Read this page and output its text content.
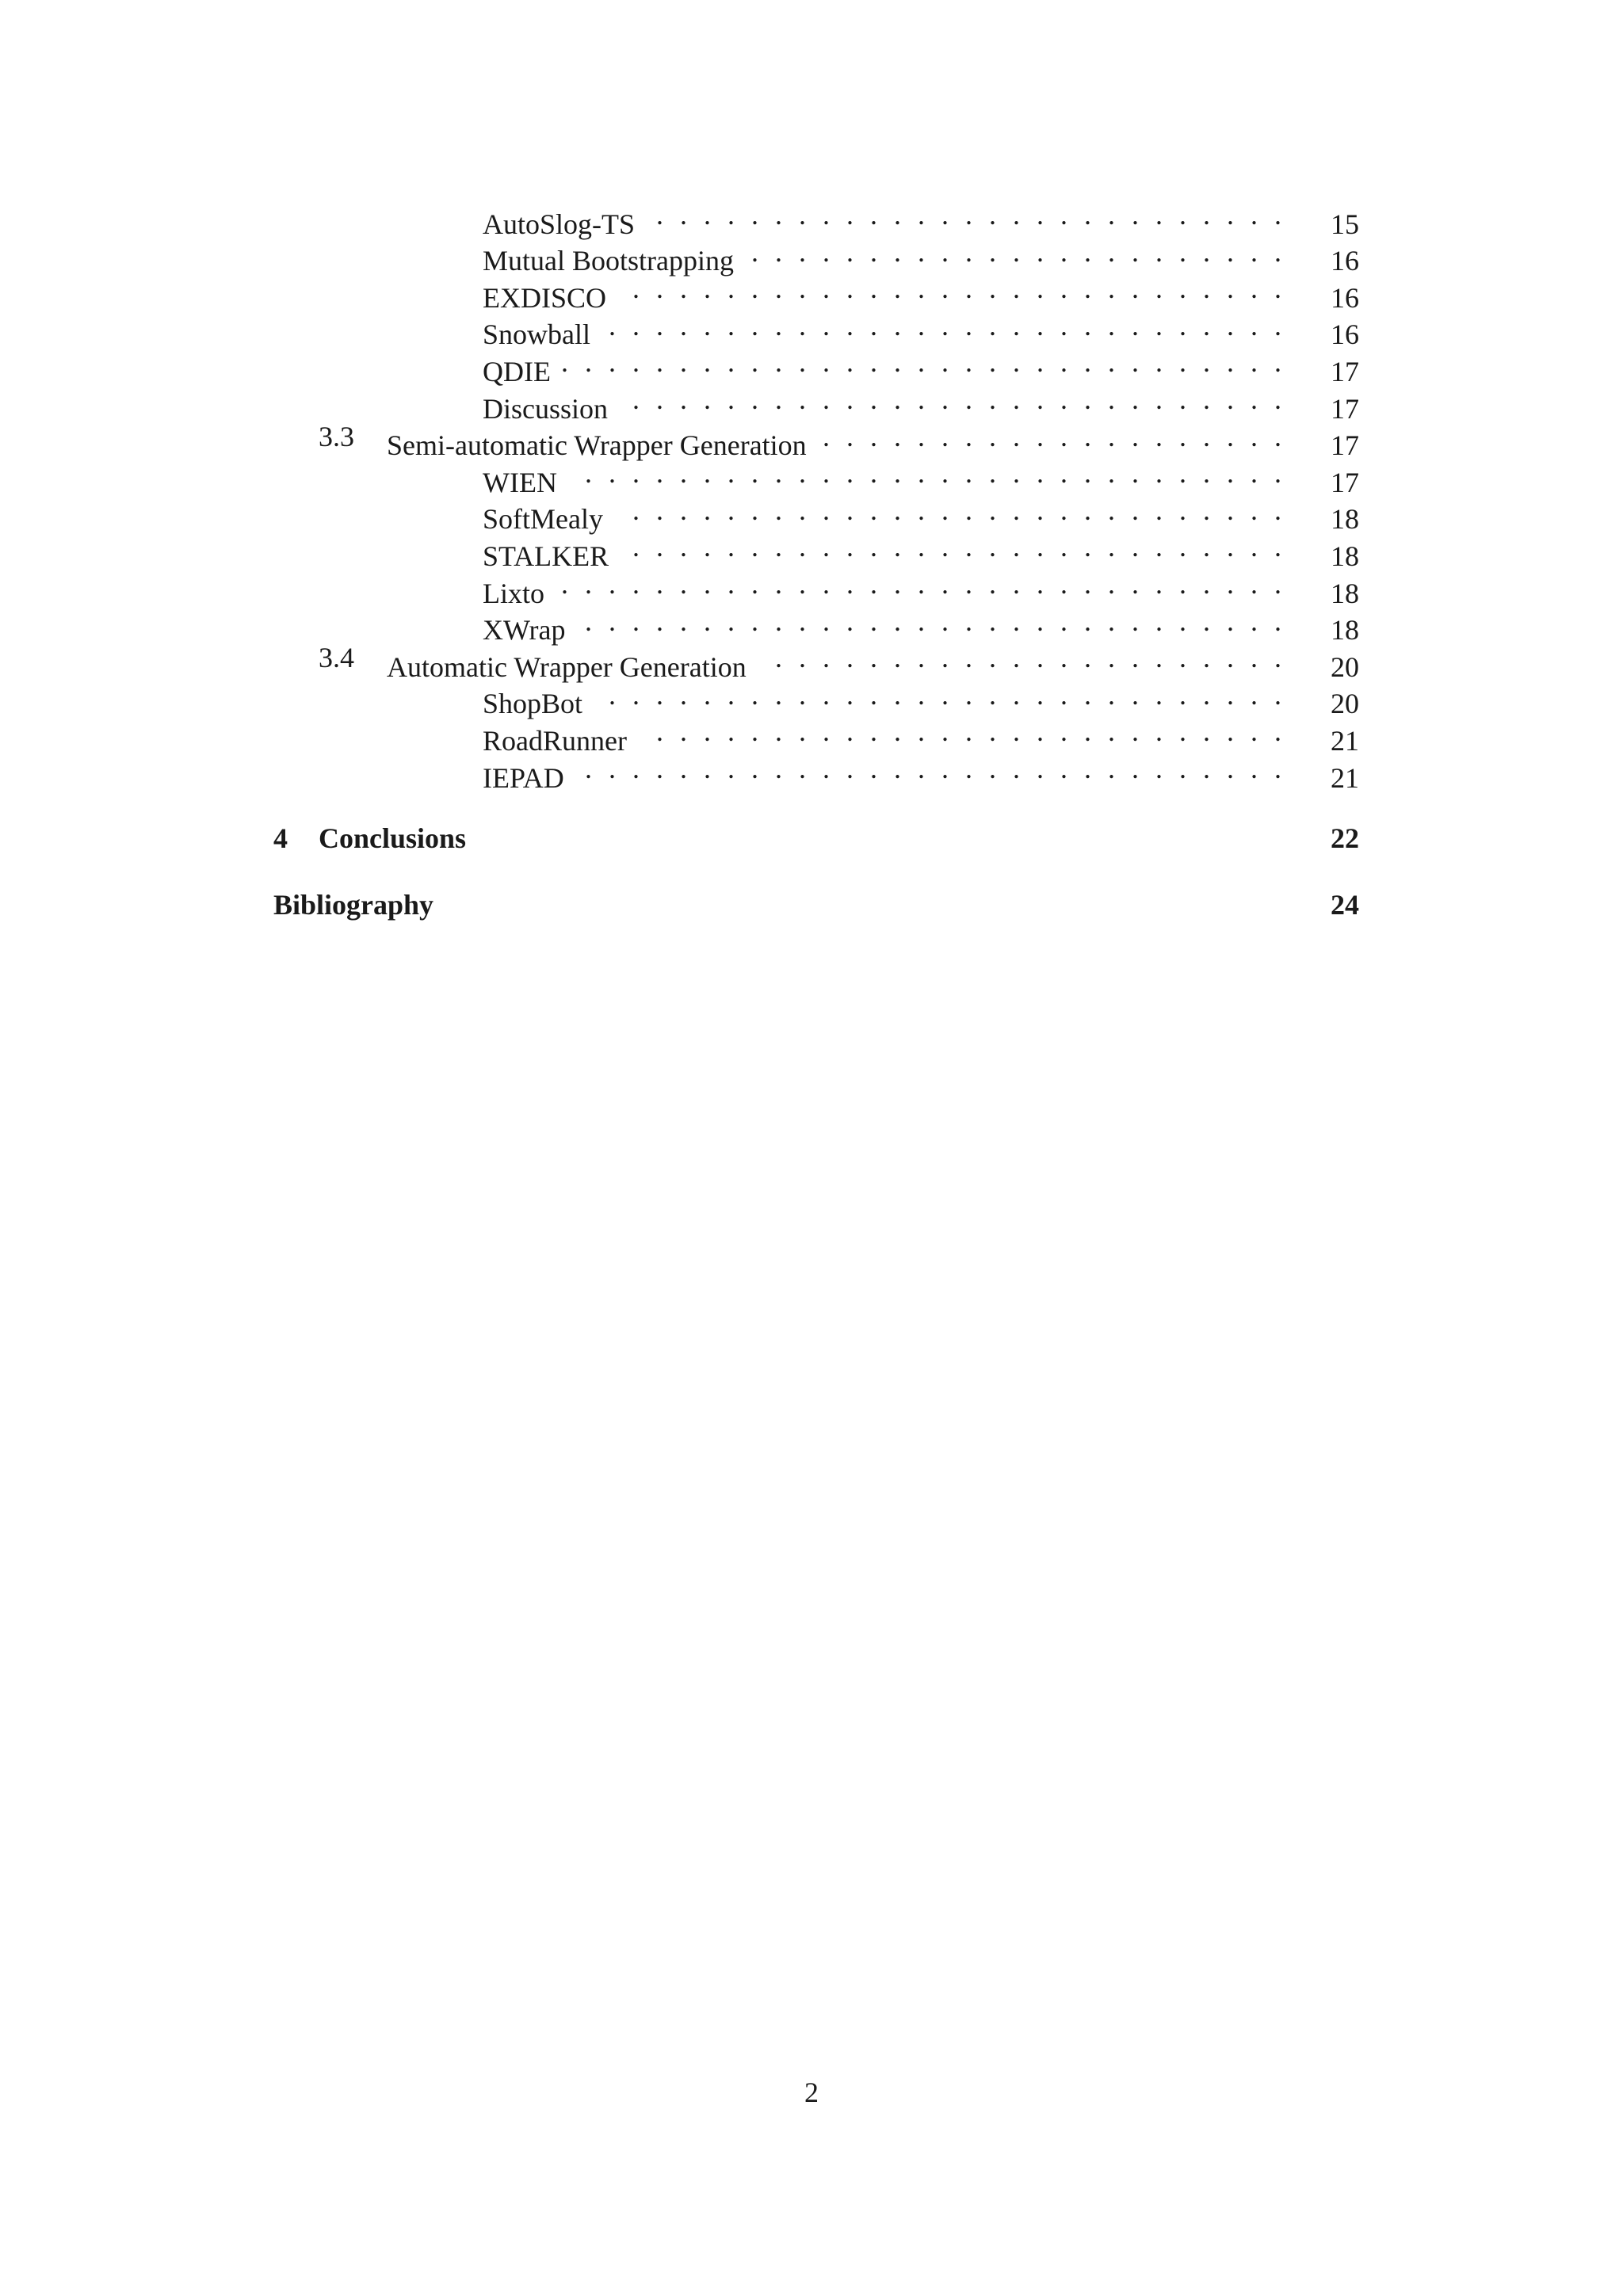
AutoSlog-TS . . .	15
Mutual Bootstrapping . . .	16
EXDISCO . . .	16
Snowball . . .	16
QDIE . . .	17
Discussion . . .	17
3.3 Semi-automatic Wrapper Generation . . .	17
WIEN . . .	17
SoftMealy . . .	18
STALKER . . .	18
Lixto . . .	18
XWrap . . .	18
3.4 Automatic Wrapper Generation . . .	20
ShopBot . . .	20
RoadRunner . . .	21
IEPAD . . .	21
4	Conclusions	22
Bibliography	24
2
